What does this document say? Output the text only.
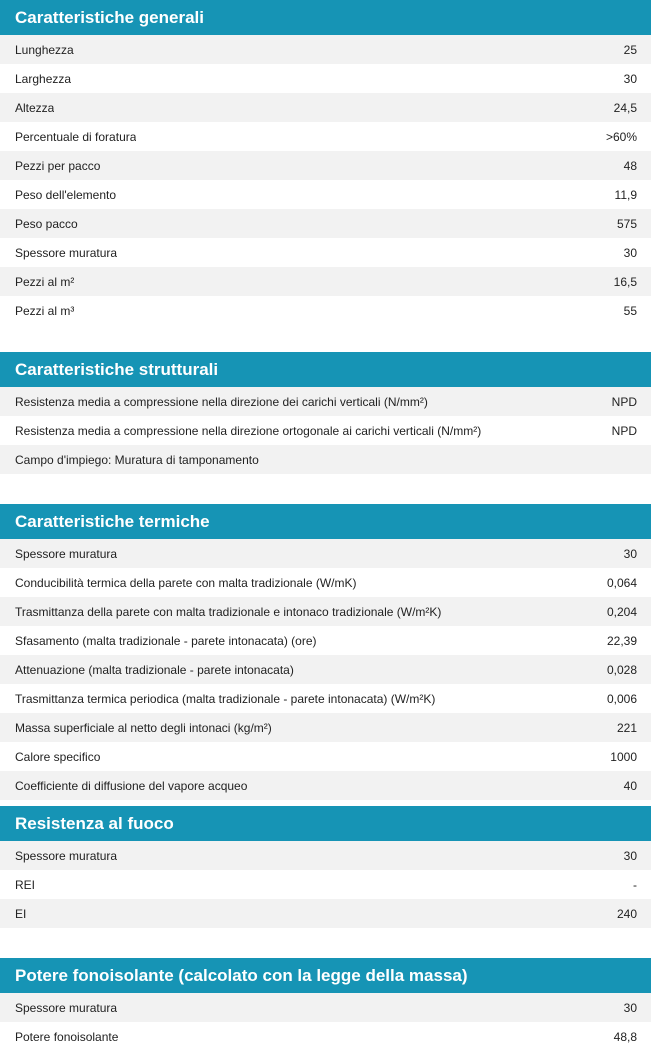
Caratteristiche generali
Lunghezza	25
Larghezza	30
Altezza	24,5
Percentuale di foratura	>60%
Pezzi per pacco	48
Peso dell'elemento	11,9
Peso pacco	575
Spessore muratura	30
Pezzi al m²	16,5
Pezzi al m³	55
Caratteristiche strutturali
Resistenza media a compressione nella direzione dei carichi verticali (N/mm²)	NPD
Resistenza media a compressione nella direzione ortogonale ai carichi verticali (N/mm²)	NPD
Campo d'impiego: Muratura di tamponamento
Caratteristiche termiche
Spessore muratura	30
Conducibilità termica della parete con malta tradizionale (W/mK)	0,064
Trasmittanza della parete con malta tradizionale e intonaco tradizionale (W/m²K)	0,204
Sfasamento (malta tradizionale - parete intonacata) (ore)	22,39
Attenuazione (malta tradizionale - parete intonacata)	0,028
Trasmittanza termica periodica (malta tradizionale - parete intonacata) (W/m²K)	0,006
Massa superficiale al netto degli intonaci (kg/m²)	221
Calore specifico	1000
Coefficiente di diffusione del vapore acqueo	40
Resistenza al fuoco
Spessore muratura	30
REI	-
EI	240
Potere fonoisolante (calcolato con la legge della massa)
Spessore muratura	30
Potere fonoisolante	48,8
